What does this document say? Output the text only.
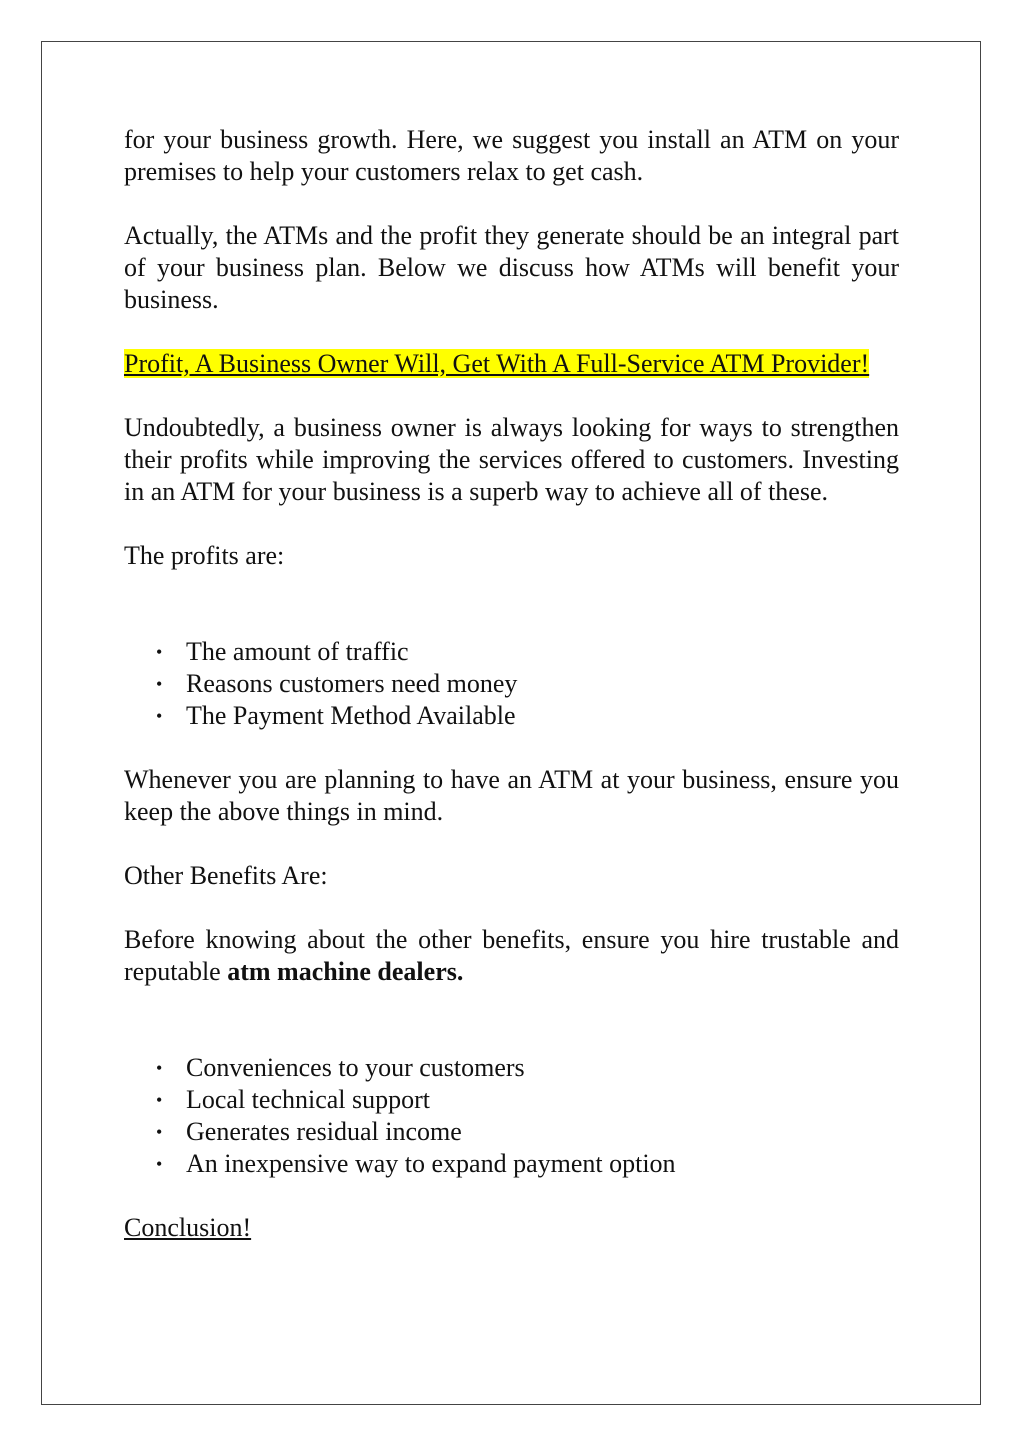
for your business growth. Here, we suggest you install an ATM on your premises to help your customers relax to get cash.

Actually, the ATMs and the profit they generate should be an integral part of your business plan. Below we discuss how ATMs will benefit your business.

Profit, A Business Owner Will, Get With A Full-Service ATM Provider!

Undoubtedly, a business owner is always looking for ways to strengthen their profits while improving the services offered to customers. Investing in an ATM for your business is a superb way to achieve all of these.

The profits are:

• The amount of traffic
• Reasons customers need money
• The Payment Method Available

Whenever you are planning to have an ATM at your business, ensure you keep the above things in mind.

Other Benefits Are:

Before knowing about the other benefits, ensure you hire trustable and reputable atm machine dealers.

• Conveniences to your customers
• Local technical support
• Generates residual income
• An inexpensive way to expand payment option

Conclusion!
